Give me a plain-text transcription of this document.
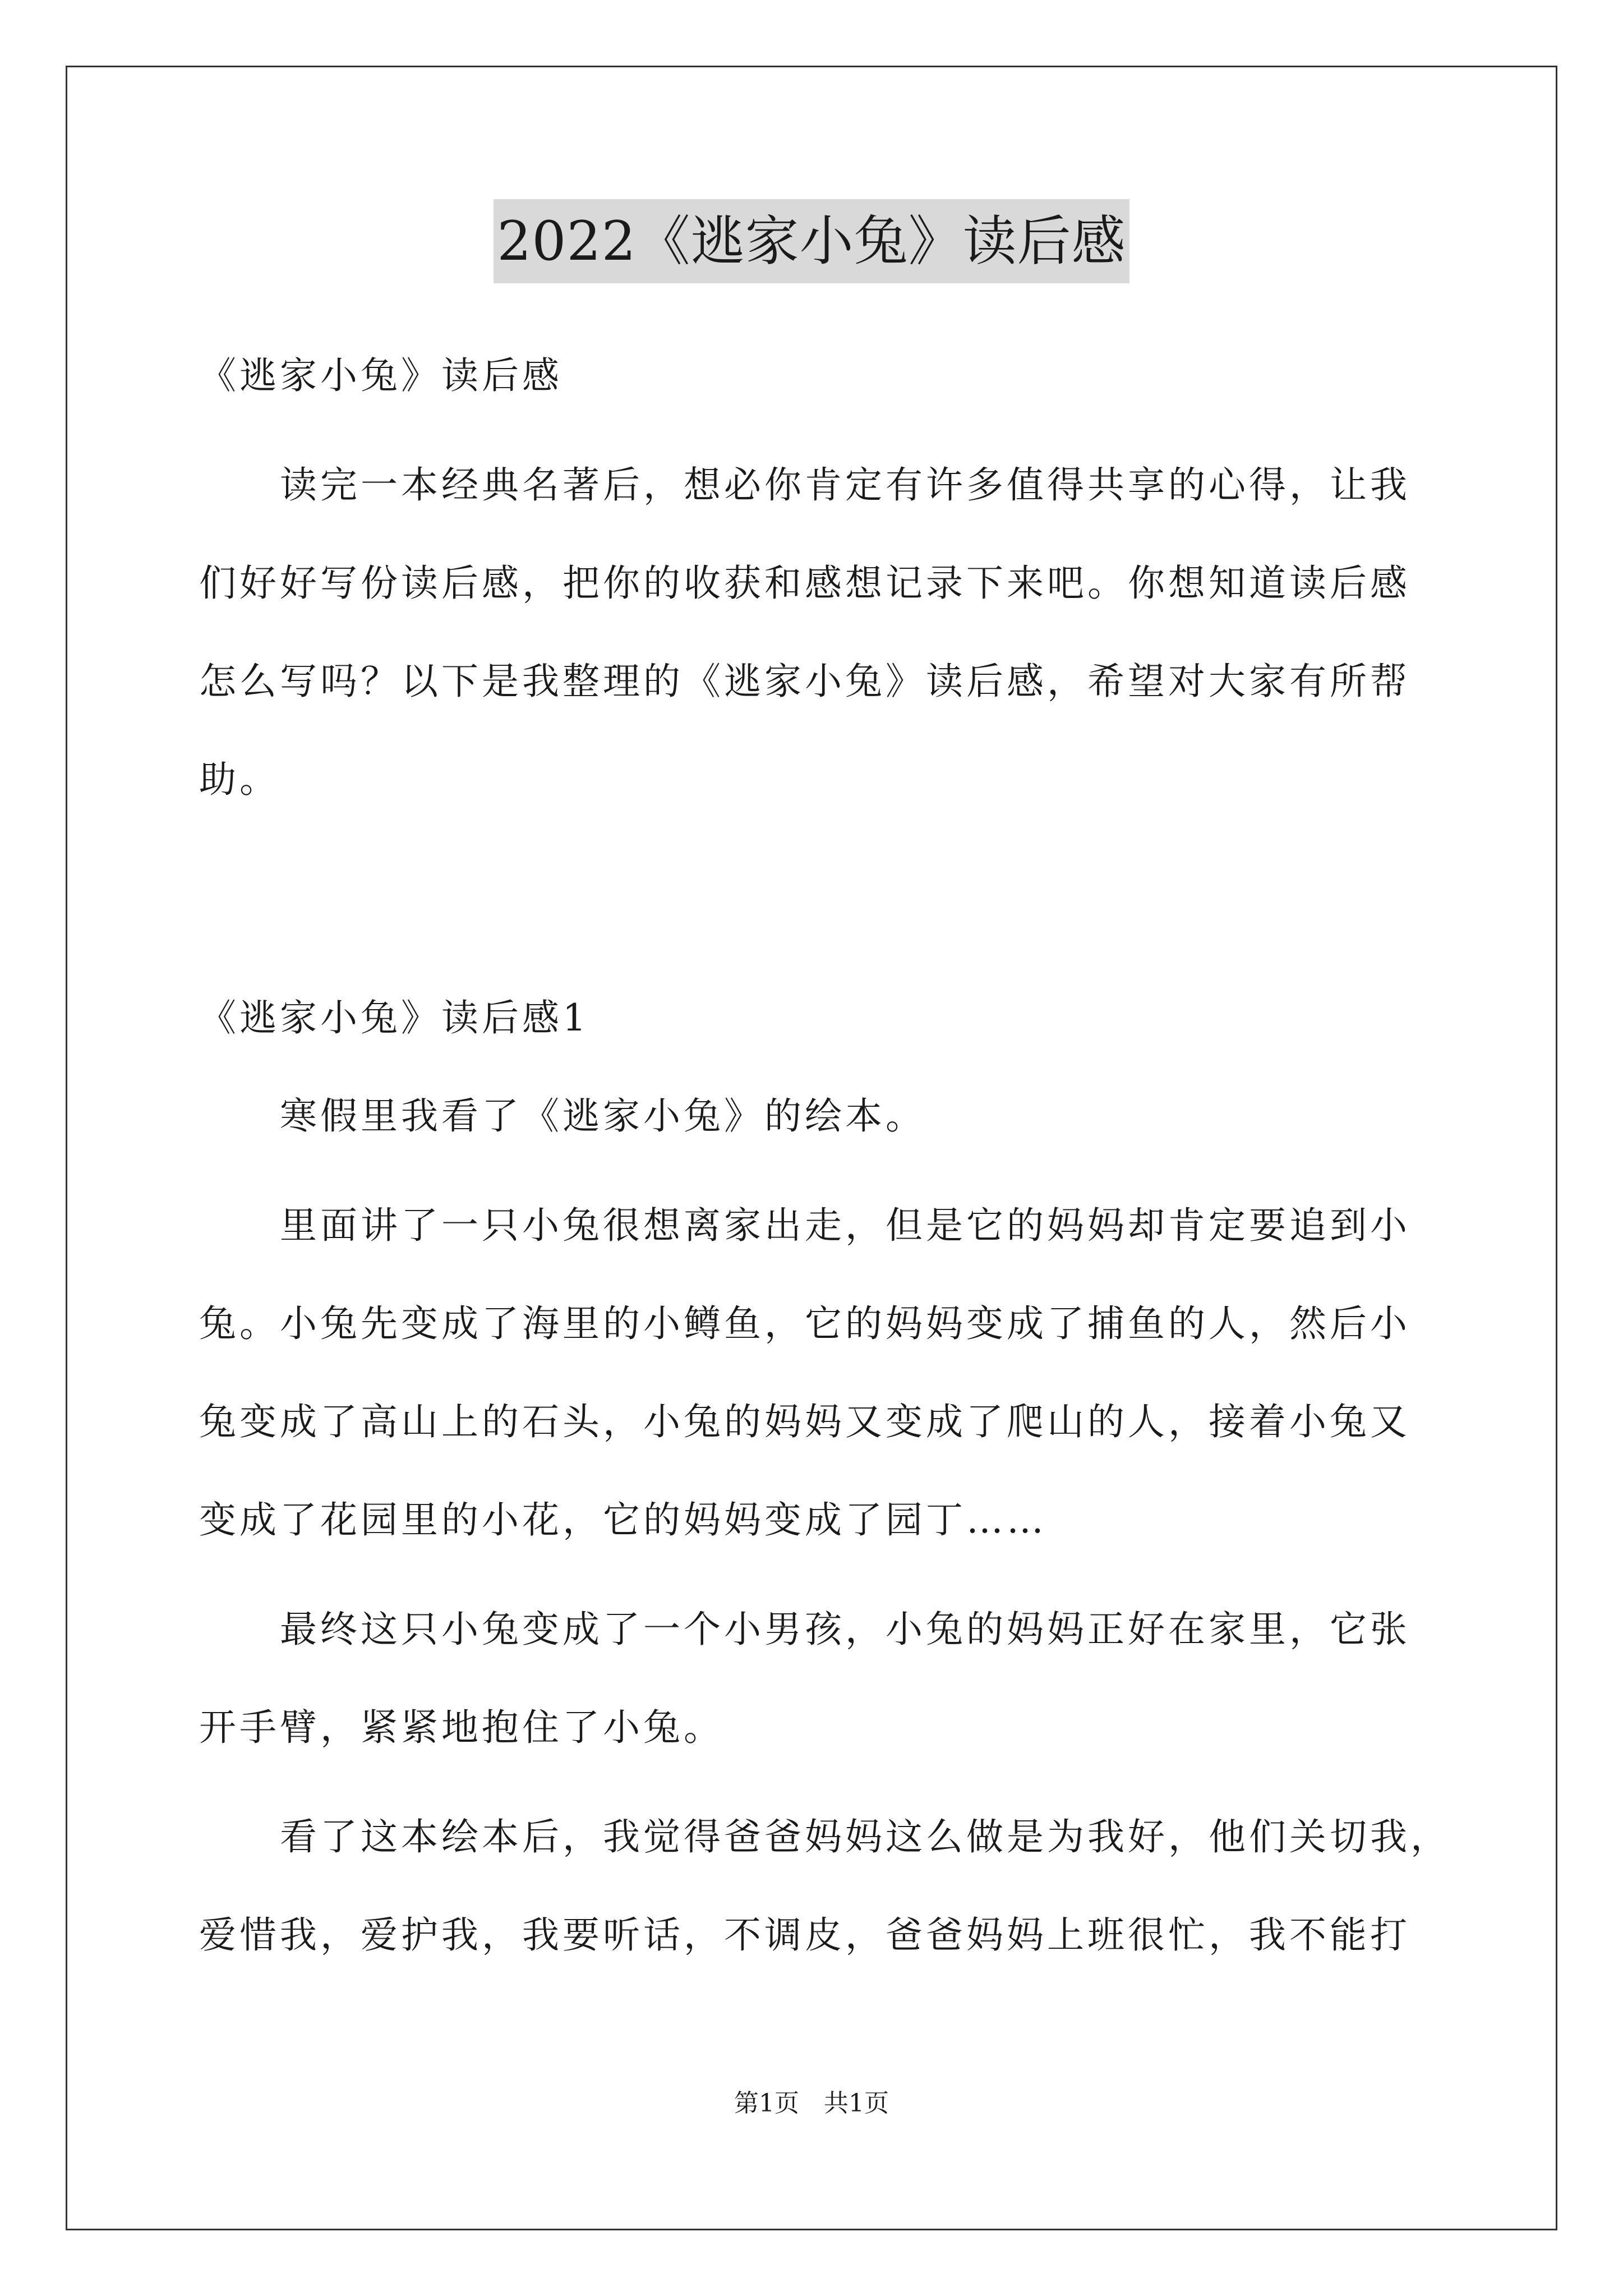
2022《逃家小兔》读后感
《逃家小兔》读后感
　　读完一本经典名著后，想必你肯定有许多值得共享的心得，让我
们好好写份读后感，把你的收获和感想记录下来吧。你想知道读后感
怎么写吗？以下是我整理的《逃家小兔》读后感，希望对大家有所帮
助。
《逃家小兔》读后感1
　　寒假里我看了《逃家小兔》的绘本。
　　里面讲了一只小兔很想离家出走，但是它的妈妈却肯定要追到小
兔。小兔先变成了海里的小鳟鱼，它的妈妈变成了捕鱼的人，然后小
兔变成了高山上的石头，小兔的妈妈又变成了爬山的人，接着小兔又
变成了花园里的小花，它的妈妈变成了园丁……
　　最终这只小兔变成了一个小男孩，小兔的妈妈正好在家里，它张
开手臂，紧紧地抱住了小兔。
　　看了这本绘本后，我觉得爸爸妈妈这么做是为我好，他们关切我，
爱惜我，爱护我，我要听话，不调皮，爸爸妈妈上班很忙，我不能打
第1页　共1页
